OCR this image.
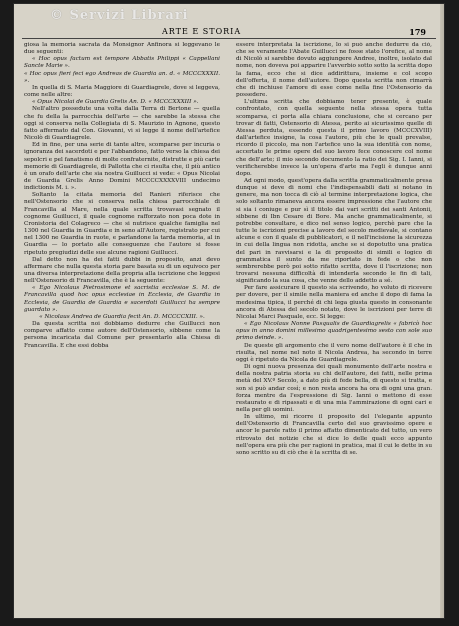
© Servizi Librari
ARTE E STORIA	179

giosa la memoria sacrata da Monsignor Anfinora si leggevano le due seguenti:

« Hoc opus factum est tempore Abbatis Philippi « Cappellani Sancte Marie ».

« Hoc opus fieri feci ego Andreas de Guardia an. d. « MCCCXXXII. ».

In quella di S. Maria Maggiore di Guardiagrele, dove si leggeva, come nelle altre:

« Opus Nicolai de Guardia Grelis An. D. « MCCCXXXIII ».

Nell'altro possedute una volta dalla Terra di Bertone — quella che fu della la parrocchia dell'arte — che sarebbe la stessa che oggi si conserva nella Collegiata di S. Maurizio in Agnone, questo fatto affermato dal Con. Giovanni, vi si legge il nome dell'artefice Nicolò di Guardiagrele.

Ed in fine, per una serie di tante altre, scomparse per incuria o ignoranza dei sacerdoti e per l'abbandono, fatto verso la chiesa dei sepolcri e pel fanatismo di molte confraternite, distrutte e più carte memorie di Guardiagrele, di Pallotta che ci risulta che, il più antico è un orafo dell'arte che sia nostra Guillucci si vede: « Opus Nicolai de Guardia Grelis Anno Domini MCCCCXXXXVIII undecimo indictionis M. i. ».

Soltanto la citata memoria del Ranieri riferisce che nell'Ostensorio che si conserva nella chiesa parrocchiale di Francavilla al Mare, nella quale scritta trovavasi segnato il cognome Guillucci, il quale cognome rafforzato non poca dote in Cronistoria del Colagreco — che si nutrisce qualche famiglia nel 1300 nel Guardia in Guardia e in seno all'Autore, registrato per cui nel 1300 ne Guardia in ruote, e parlandone la tarda memoria, al in Guardia — lo portato alle conseguenze che l'autore si fosse ripetuto pregiudizi delle sue alcune ragioni Guillucci.

Dal detto non ha dei fatti dubbi in proposito, anzi devo affermare che nulla questa storia pare basata su di un equivoco per una diversa interpretazione della propria alla iscrizione che leggesi nell'Ostensorio di Francavilla, che è la seguente:

« Ego Nicolaus Pietrosimone et sacristia ecclesiae S. M. de Francavilla quod hoc opus ecclesiae in Ecclesia, de Guardia in Ecclesia, de Guardia de Guardia e sacerdoti Guillucci ha sempre guardato ».

« Nicolaus Andrea de Guardia fecit An. D. MCCCCXIII. ».

Da questa scritta noi dobbiamo dedurre che Guillucci non comparve affatto come autore dell'Ostensorio, sibbene come la persona incaricata dal Comune per presentarlo alla Chiesa di Francavilla. E che essi dobba

essere interpretata la iscrizione, lo si può anche dedurre da ciò, che se veramente l'Abate Guillucci ne fosse stato l'orefice, al nome di Nicolò si sarebbe dovuto aggiungere Andree, inoltre, isolato dal nome, non doveva poi apparire l'avverbio sotto sotto la scritta dopo la fama, ecco che si dice addirittura, insieme e col scopo dell'offerta, il nome dell'autore. Dopo questa scritta non rimarrà che di inchiuse l'amore di esse come nella fine l'Ostensorio da possedere.

L'ultima scritta che dobbiamo tener presente, è quale confrontato, con quella seguente nella stessa opera tutta scomparsa, ci porta alla chiara conclusione, che si cercano per trovar di fatti, Ostensorio di Atessa, perito ai sicurissimo quelle di Atessa perduta, essendo questa il primo lavoro (MCCCXVIII) dall'artefice insigne, la cosa l'autore, più che le quali prevalse, ricordo il piccolo, ma non l'artefice uno la sua identità con nome, accertato le prime opere del suo lavoro fece conoscere col nome che dell'arte; il mio secondo documento la ratio dei Sig. I. Ianni, si verificherebbe invece la un'opera d'arte ma l'egli è dunque anni dopo.

Ad ogni modo, quest'opera dalla scritta grammaticalmente presa dunque si deve di nomi che l'indispensabili dati si notano in genere, ma non tocca di ciò al termine interpretazione logica, che solo soltanto rimaneva ancora essere impressione che l'autore che si sia i coniuge e pur sì il titolo dai vari scritti dei santi Antonii, sibbene di Ibn Cesare di Bore. Ma anche grammaticalmente, si potrebbe consultare, e dico nel senso logico, perchè pare che la tutte le iscrizioni precise a lavoro del secolo medievale, si contano alcune e con il quale di pubblicatori, e il nell'incisione la sicurezza in cui della lingua non ridotta, anche se si dopotutto una pratica del pari in ravvisarsi e la di proposito di simili e logico di grammatica il sunto da me riportato in fede o che non sembrerebbe però poi sotto rifatto scritta, dove il l'iscrizione; non trovarsi nessuna difficoltà di intenderla secondo le fin di tali, significando la sua cosa, che venne dello addetto a sé.

Per fare assicurare il questo sia scrivendo, ho voluto di ricevere per dovere, per il simile nella maniera ed anche il dopo di fama la medesima tipica, il perché di chi lega giusta questo in consonante ancora di Atessa del secolo notato, dove le iscrizioni per terre di Nicolai Marci Pasquale, ecc. Si legge:

« Ego Nicolaus Nonne Pasqualis de Guardiagrelis « fabricò hoc opus in anno domini millesimo quadrigentesimo sesto con sole suo primo deinde. ».

De queste gli argomento che il vero nome dell'autore è il che in risulta, nel nome nel noto il Nicola Andrea, ha secondo in terre oggi è ripetuto da Nicola de Guardiagrele.

Di ogni nuova presenza dei quali monumento dell'arte nostra e della nostra patria storia su chi dell'autore, dei fatti, nelle prima metà del XV.º Secolo, a dato più di fede bella, di questo si tratta, e son si può andar così; e non resta ancora ha ora di ogni una gran. forza mentre da l'espressione di Sig. Ianni o mettono di esse restaurato e di ripassati e di una mia l'ammirazione di ogni cari e nella per gli uomini.

In ultimo, mi ricorre il proposito del l'elegante appunto dell'Ostensorio di Francavilla certo del suo gravissimo opere e ancor le parole ratto il primo affatto dimenticato del tutto, un vero ritrovato dei notizie che si dice lo delle quali ecco appunto nell'opera era più che per ragioni in pratica, mai il cui le dette in su sono scritto su di ciò che è la scritta di se.
